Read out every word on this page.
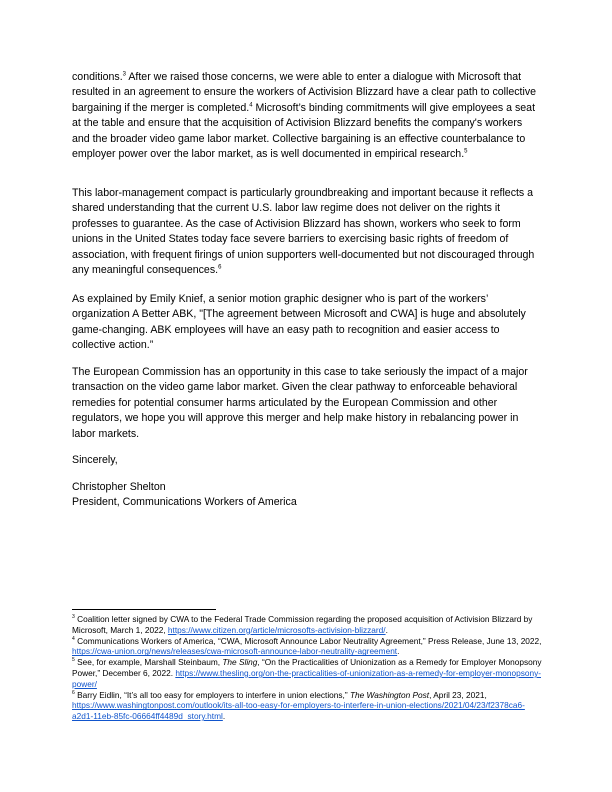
conditions.$^3$ After we raised those concerns, we were able to enter a dialogue with Microsoft that resulted in an agreement to ensure the workers of Activision Blizzard have a clear path to collective bargaining if the merger is completed.$^4$ Microsoft’s binding commitments will give employees a seat at the table and ensure that the acquisition of Activision Blizzard benefits the company's workers and the broader video game labor market. Collective bargaining is an effective counterbalance to employer power over the labor market, as is well documented in empirical research.$^5$

This labor-management compact is particularly groundbreaking and important because it reflects a shared understanding that the current U.S. labor law regime does not deliver on the rights it professes to guarantee. As the case of Activision Blizzard has shown, workers who seek to form unions in the United States today face severe barriers to exercising basic rights of freedom of association, with frequent firings of union supporters well-documented but not discouraged through any meaningful consequences.$^6$

As explained by Emily Knief, a senior motion graphic designer who is part of the workers’ organization A Better ABK, "[The agreement between Microsoft and CWA] is huge and absolutely game-changing. ABK employees will have an easy path to recognition and easier access to collective action.”

The European Commission has an opportunity in this case to take seriously the impact of a major transaction on the video game labor market. Given the clear pathway to enforceable behavioral remedies for potential consumer harms articulated by the European Commission and other regulators, we hope you will approve this merger and help make history in rebalancing power in labor markets.

Sincerely,

Christopher Shelton

President, Communications Workers of America

$^3$ Coalition letter signed by CWA to the Federal Trade Commission regarding the proposed acquisition of Activision Blizzard by Microsoft, March 1, 2022, https://www.citizen.org/article/microsofts-activision-blizzard/.

$^4$ Communications Workers of America, “CWA, Microsoft Announce Labor Neutrality Agreement,” Press Release, June 13, 2022, https://cwa-union.org/news/releases/cwa-microsoft-announce-labor-neutrality-agreement.

$^5$ See, for example, Marshall Steinbaum, The Sling, “On the Practicalities of Unionization as a Remedy for Employer Monopsony Power,” December 6, 2022. https://www.thesling.org/on-the-practicalities-of-unionization-as-a-remedy-for-employer-monopsony-power/

$^6$ Barry Eidlin, “It’s all too easy for employers to interfere in union elections,” The Washington Post, April 23, 2021, https://www.washingtonpost.com/outlook/its-all-too-easy-for-employers-to-interfere-in-union-elections/2021/04/23/f2378ca6-a2d1-11eb-85fc-06664ff4489d_story.html.
